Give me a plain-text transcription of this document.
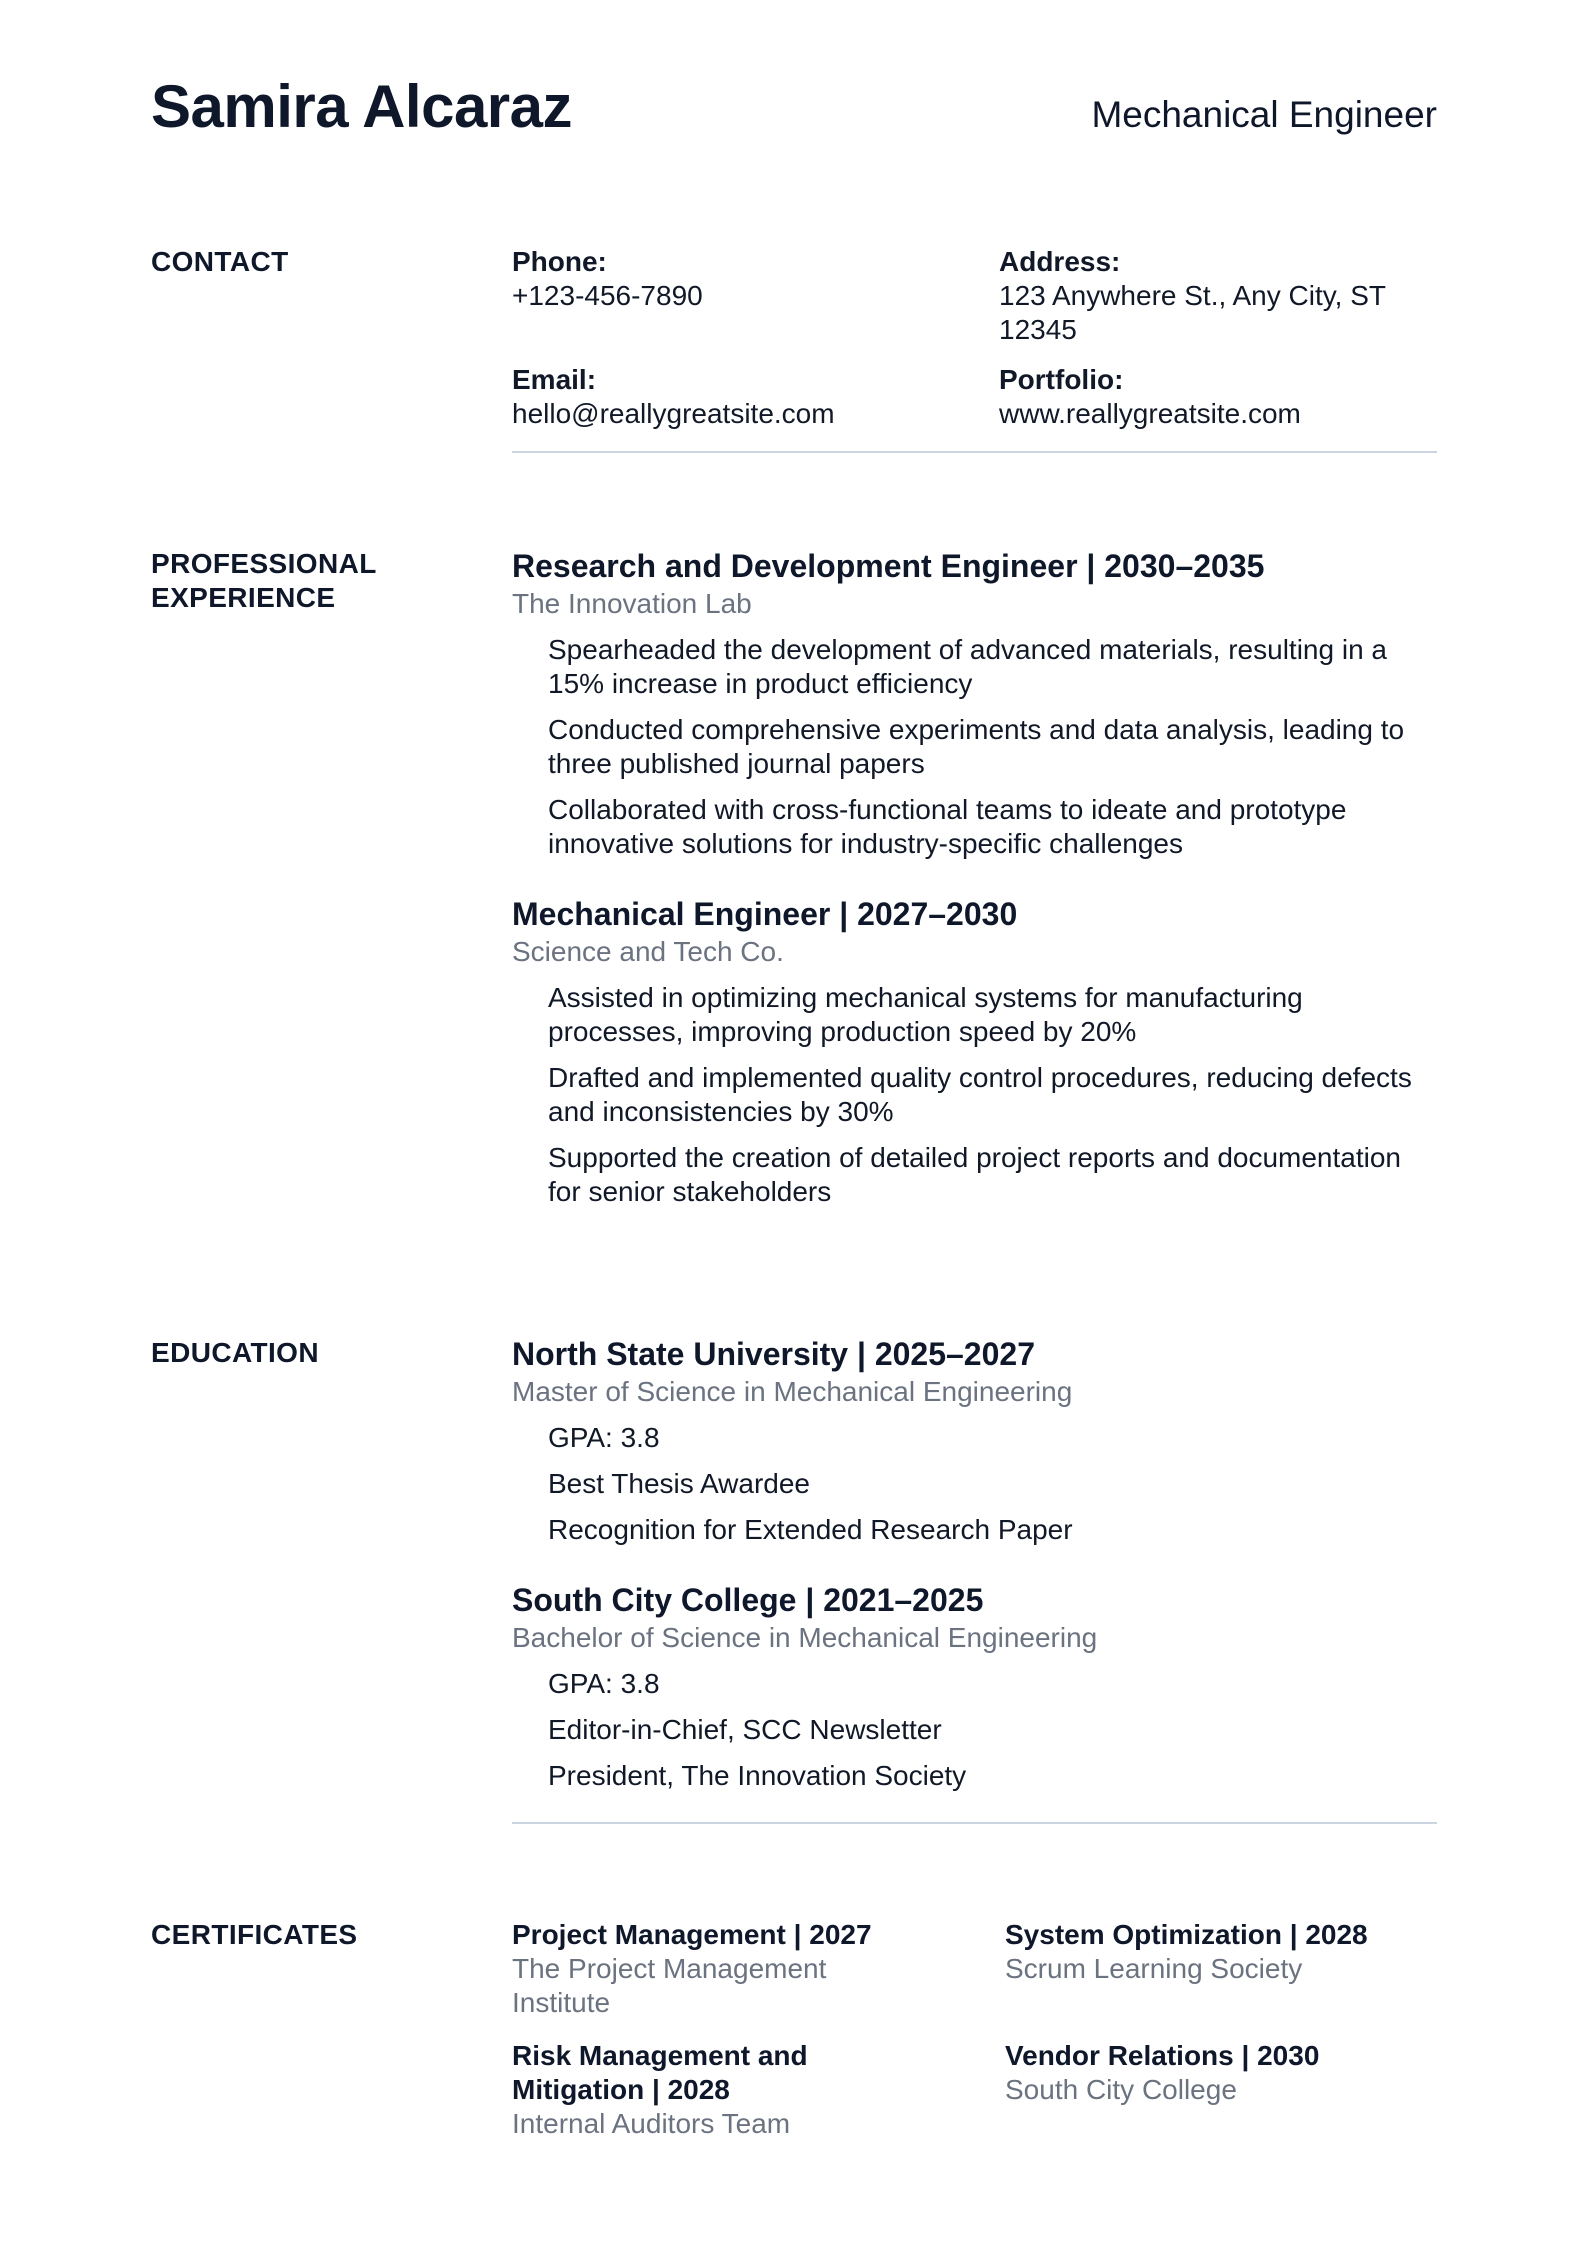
Samira Alcaraz	Mechanical Engineer
CONTACT	Phone:
+123-456-7890
Address:
123 Anywhere St., Any City, ST
12345
Email:
hello@reallygreatsite.com
Portfolio:
www.reallygreatsite.com
PROFESSIONAL
EXPERIENCE
Research and Development Engineer | 2030–2035
The Innovation Lab
Spearheaded the development of advanced materials, resulting in a 15% increase in product efficiency
Conducted comprehensive experiments and data analysis, leading to three published journal papers
Collaborated with cross-functional teams to ideate and prototype innovative solutions for industry-specific challenges
Mechanical Engineer | 2027–2030
Science and Tech Co.
Assisted in optimizing mechanical systems for manufacturing processes, improving production speed by 20%
Drafted and implemented quality control procedures, reducing defects and inconsistencies by 30%
Supported the creation of detailed project reports and documentation for senior stakeholders
EDUCATION	North State University | 2025–2027
Master of Science in Mechanical Engineering
GPA: 3.8
Best Thesis Awardee
Recognition for Extended Research Paper
South City College | 2021–2025
Bachelor of Science in Mechanical Engineering
GPA: 3.8
Editor-in-Chief, SCC Newsletter
President, The Innovation Society
CERTIFICATES	Project Management | 2027
The Project Management Institute
System Optimization | 2028
Scrum Learning Society
Risk Management and Mitigation | 2028
Internal Auditors Team
Vendor Relations | 2030
South City College
